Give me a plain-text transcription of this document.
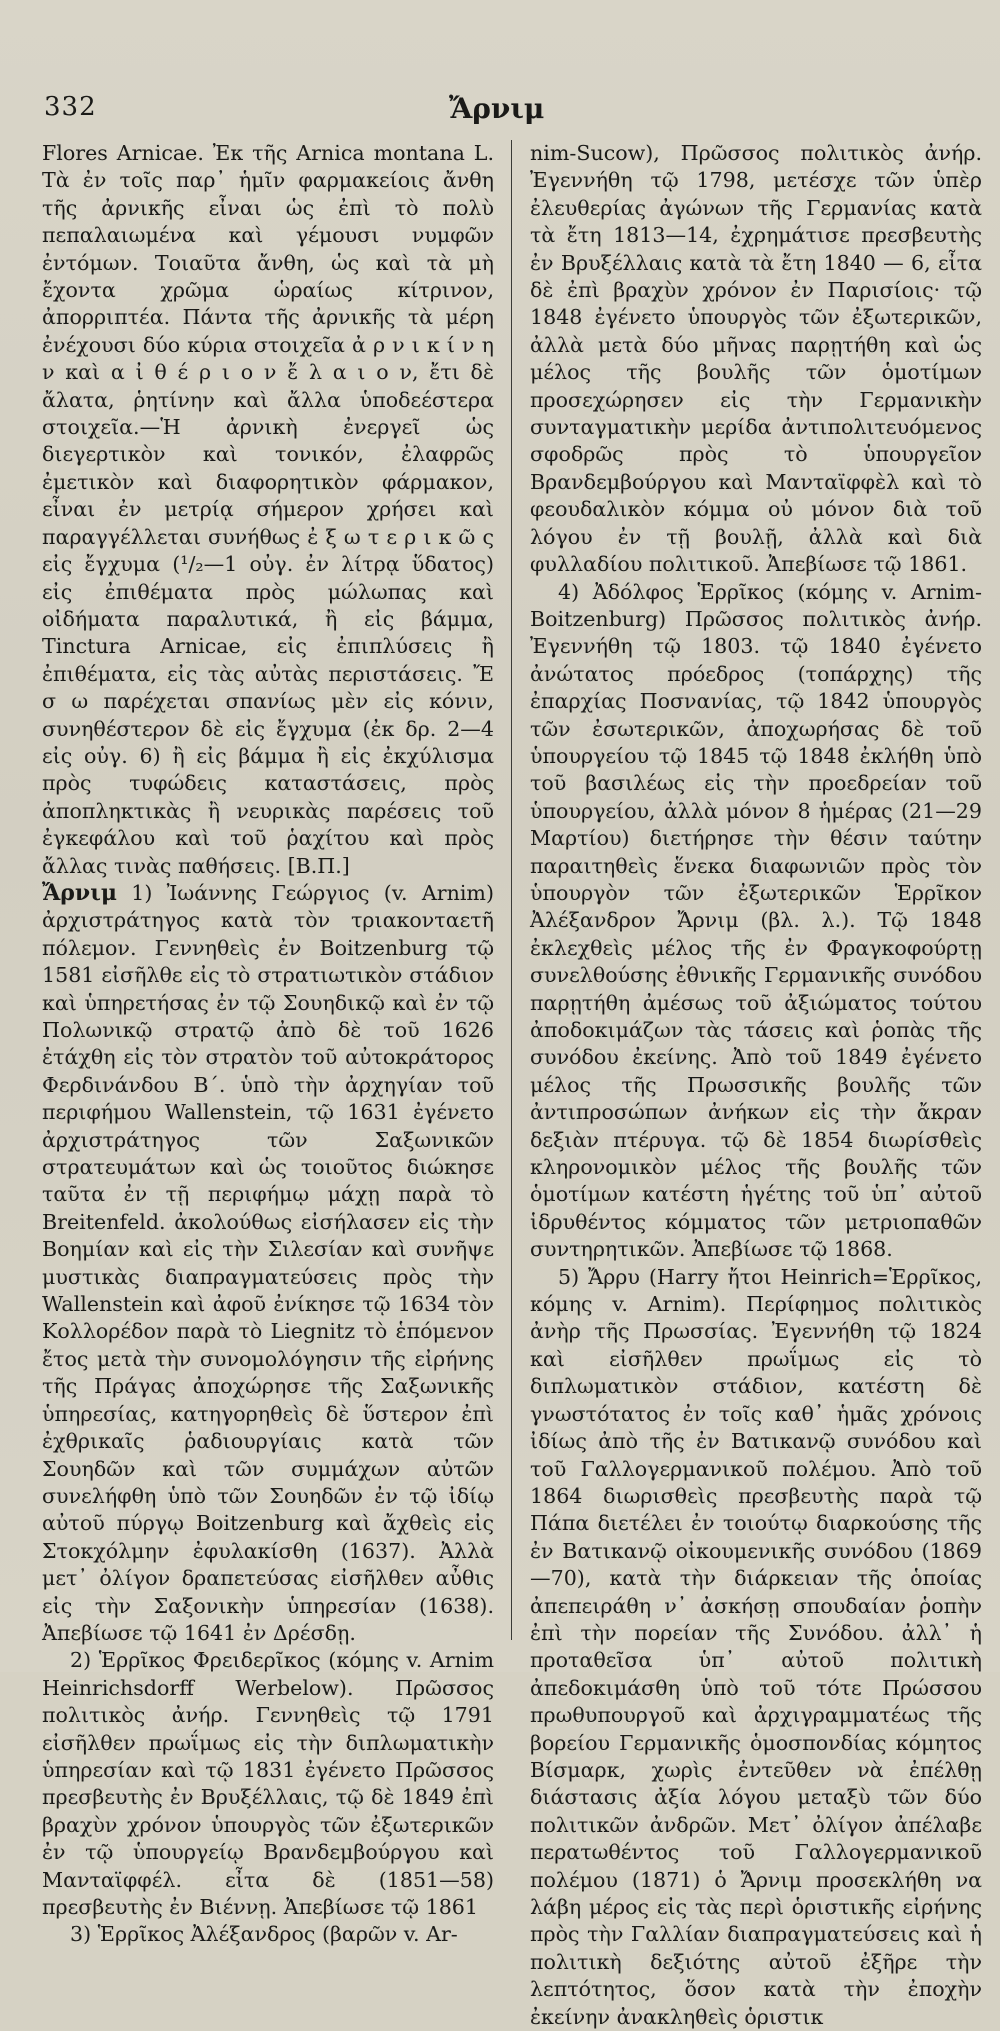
332	Ἄρνιμ

Flores Arnicae. Ἐκ τῆς Arnica montana L. Τὰ ἐν τοῖς παρ᾽ ἡμῖν φαρμακείοις ἄνθη τῆς ἀρνικῆς εἶναι ὡς ἐπὶ τὸ πολὺ πεπαλαιωμένα καὶ γέμουσι νυμφῶν ἐντόμων. Τοιαῦτα ἄνθη, ὡς καὶ τὰ μὴ ἔχοντα χρῶμα ὡραίως κίτρινον, ἀπορριπτέα. Πάντα τῆς ἀρνικῆς τὰ μέρη ἐνέχουσι δύο κύρια στοιχεῖα ἀ ρ ν ι κ ί ν η ν καὶ α ἰ θ έ ρ ι ο ν ἔ λ α ι ο ν, ἔτι δὲ ἄλατα, ῥητίνην καὶ ἄλλα ὑποδεέστερα στοιχεῖα.—Ἡ ἀρνικὴ ἐνεργεῖ ὡς διεγερτικὸν καὶ τονικόν, ἐλαφρῶς ἐμετικὸν καὶ διαφορητικὸν φάρμακον, εἶναι ἐν μετρίᾳ σήμερον χρήσει καὶ παραγγέλλεται συνήθως ἐ ξ ω τ ε ρ ι κ ῶ ς εἰς ἔγχυμα (¹/₂—1 οὐγ. ἐν λίτρᾳ ὕδατος) εἰς ἐπιθέματα πρὸς μώλωπας καὶ οἰδήματα παραλυτικά, ἢ εἰς βάμμα, Tinctura Arnicae, εἰς ἐπιπλύσεις ἢ ἐπιθέματα, εἰς τὰς αὐτὰς περιστάσεις. Ἔ σ ω παρέχεται σπανίως μὲν εἰς κόνιν, συνηθέστερον δὲ εἰς ἔγχυμα (ἐκ δρ. 2—4 εἰς οὐγ. 6) ἢ εἰς βάμμα ἢ εἰς ἐκχύλισμα πρὸς τυφώδεις καταστάσεις, πρὸς ἀποπληκτικὰς ἢ νευρικὰς παρέσεις τοῦ ἐγκεφάλου καὶ τοῦ ῥαχίτου καὶ πρὸς ἄλλας τινὰς παθήσεις. [Β.Π.]

Ἄρνιμ 1) Ἰωάννης Γεώργιος (v. Arnim) ἀρχιστράτηγος κατὰ τὸν τριακονταετῆ πόλεμον. Γεννηθεὶς ἐν Boitzenburg τῷ 1581 εἰσῆλθε εἰς τὸ στρατιωτικὸν στάδιον καὶ ὑπηρετήσας ἐν τῷ Σουηδικῷ καὶ ἐν τῷ Πολωνικῷ στρατῷ ἀπὸ δὲ τοῦ 1626 ἐτάχθη εἰς τὸν στρατὸν τοῦ αὐτοκράτορος Φερδινάνδου Β΄. ὑπὸ τὴν ἀρχηγίαν τοῦ περιφήμου Wallenstein, τῷ 1631 ἐγένετο ἀρχιστράτηγος τῶν Σαξωνικῶν στρατευμάτων καὶ ὡς τοιοῦτος διώκησε ταῦτα ἐν τῇ περιφήμῳ μάχῃ παρὰ τὸ Breitenfeld. ἀκολούθως εἰσήλασεν εἰς τὴν Βοημίαν καὶ εἰς τὴν Σιλεσίαν καὶ συνῆψε μυστικὰς διαπραγματεύσεις πρὸς τὴν Wallenstein καὶ ἀφοῦ ἐνίκησε τῷ 1634 τὸν Κολλορέδον παρὰ τὸ Liegnitz τὸ ἑπόμενον ἔτος μετὰ τὴν συνομολόγησιν τῆς εἰρήνης τῆς Πράγας ἀποχώρησε τῆς Σαξωνικῆς ὑπηρεσίας, κατηγορηθεὶς δὲ ὕστερον ἐπὶ ἐχθρικαῖς ῥαδιουργίαις κατὰ τῶν Σουηδῶν καὶ τῶν συμμάχων αὐτῶν συνελήφθη ὑπὸ τῶν Σουηδῶν ἐν τῷ ἰδίῳ αὐτοῦ πύργῳ Boitzenburg καὶ ἄχθεὶς εἰς Στοκχόλμην ἐφυλακίσθη (1637). Ἀλλὰ μετ᾽ ὀλίγον δραπετεύσας εἰσῆλθεν αὖθις εἰς τὴν Σαξονικὴν ὑπηρεσίαν (1638). Ἀπεβίωσε τῷ 1641 ἐν Δρέσδῃ.

2) Ἑρρῖκος Φρειδερῖκος (κόμης v. Arnim Heinrichsdorff Werbelow). Πρῶσσος πολιτικὸς ἀνήρ. Γεννηθεὶς τῷ 1791 εἰσῆλθεν πρωΐμως εἰς τὴν διπλωματικὴν ὑπηρεσίαν καὶ τῷ 1831 ἐγένετο Πρῶσσος πρεσβευτὴς ἐν Βρυξέλλαις, τῷ δὲ 1849 ἐπὶ βραχὺν χρόνον ὑπουργὸς τῶν ἐξωτερικῶν ἐν τῷ ὑπουργείῳ Βρανδεμβούργου καὶ Μανταϊφφέλ. εἶτα δὲ (1851—58) πρεσβευτὴς ἐν Βιέννῃ. Ἀπεβίωσε τῷ 1861

3) Ἑρρῖκος Ἀλέξανδρος (βαρῶν v. Ar-

nim-Sucow), Πρῶσσος πολιτικὸς ἀνήρ. Ἐγεννήθη τῷ 1798, μετέσχε τῶν ὑπὲρ ἐλευθερίας ἀγώνων τῆς Γερμανίας κατὰ τὰ ἔτη 1813—14, ἐχρημάτισε πρεσβευτὴς ἐν Βρυξέλλαις κατὰ τὰ ἔτη 1840 — 6, εἶτα δὲ ἐπὶ βραχὺν χρόνον ἐν Παρισίοις· τῷ 1848 ἐγένετο ὑπουργὸς τῶν ἐξωτερικῶν, ἀλλὰ μετὰ δύο μῆνας παρῃτήθη καὶ ὡς μέλος τῆς βουλῆς τῶν ὁμοτίμων προσεχώρησεν εἰς τὴν Γερμανικὴν συνταγματικὴν μερίδα ἀντιπολιτευόμενος σφοδρῶς πρὸς τὸ ὑπουργεῖον Βρανδεμβούργου καὶ Μανταϊφφὲλ καὶ τὸ φεουδαλικὸν κόμμα οὐ μόνον διὰ τοῦ λόγου ἐν τῇ βουλῇ, ἀλλὰ καὶ διὰ φυλλαδίου πολιτικοῦ. Ἀπεβίωσε τῷ 1861.

4) Ἀδόλφος Ἑρρῖκος (κόμης v. Arnim-Boitzenburg) Πρῶσσος πολιτικὸς ἀνήρ. Ἐγεννήθη τῷ 1803. τῷ 1840 ἐγένετο ἀνώτατος πρόεδρος (τοπάρχης) τῆς ἐπαρχίας Ποσνανίας, τῷ 1842 ὑπουργὸς τῶν ἐσωτερικῶν, ἀποχωρήσας δὲ τοῦ ὑπουργείου τῷ 1845 τῷ 1848 ἐκλήθη ὑπὸ τοῦ βασιλέως εἰς τὴν προεδρείαν τοῦ ὑπουργείου, ἀλλὰ μόνον 8 ἡμέρας (21—29 Μαρτίου) διετήρησε τὴν θέσιν ταύτην παραιτηθεὶς ἕνεκα διαφωνιῶν πρὸς τὸν ὑπουργὸν τῶν ἐξωτερικῶν Ἑρρῖκον Ἀλέξανδρον Ἄρνιμ (βλ. λ.). Τῷ 1848 ἐκλεχθεὶς μέλος τῆς ἐν Φραγκοφούρτῃ συνελθούσης ἐθνικῆς Γερμανικῆς συνόδου παρῃτήθη ἀμέσως τοῦ ἀξιώματος τούτου ἀποδοκιμάζων τὰς τάσεις καὶ ῥοπὰς τῆς συνόδου ἐκείνης. Ἀπὸ τοῦ 1849 ἐγένετο μέλος τῆς Πρωσσικῆς βουλῆς τῶν ἀντιπροσώπων ἀνήκων εἰς τὴν ἄκραν δεξιὰν πτέρυγα. τῷ δὲ 1854 διωρίσθεὶς κληρονομικὸν μέλος τῆς βουλῆς τῶν ὁμοτίμων κατέστη ἡγέτης τοῦ ὑπ᾽ αὐτοῦ ἱδρυθέντος κόμματος τῶν μετριοπαθῶν συντηρητικῶν. Ἀπεβίωσε τῷ 1868.

5) Ἄρρυ (Harry ἤτοι Heinrich=Ἑρρῖκος, κόμης v. Arnim). Περίφημος πολιτικὸς ἀνὴρ τῆς Πρωσσίας. Ἐγεννήθη τῷ 1824 καὶ εἰσῆλθεν πρωΐμως εἰς τὸ διπλωματικὸν στάδιον, κατέστη δὲ γνωστότατος ἐν τοῖς καθ᾽ ἡμᾶς χρόνοις ἰδίως ἀπὸ τῆς ἐν Βατικανῷ συνόδου καὶ τοῦ Γαλλογερμανικοῦ πολέμου. Ἀπὸ τοῦ 1864 διωρισθεὶς πρεσβευτὴς παρὰ τῷ Πάπα διετέλει ἐν τοιούτῳ διαρκούσης τῆς ἐν Βατικανῷ οἰκουμενικῆς συνόδου (1869—70), κατὰ τὴν διάρκειαν τῆς ὁποίας ἀπεπειράθη ν᾽ ἀσκήσῃ σπουδαίαν ῥοπὴν ἐπὶ τὴν πορείαν τῆς Συνόδου. ἀλλ᾽ ἡ προταθεῖσα ὑπ᾽ αὐτοῦ πολιτικὴ ἀπεδοκιμάσθη ὑπὸ τοῦ τότε Πρώσσου πρωθυπουργοῦ καὶ ἀρχιγραμματέως τῆς βορείου Γερμανικῆς ὁμοσπονδίας κόμητος Βίσμαρκ, χωρὶς ἐντεῦθεν νὰ ἐπέλθῃ διάστασις ἀξία λόγου μεταξὺ τῶν δύο πολιτικῶν ἀνδρῶν. Μετ᾽ ὀλίγον ἀπέλαβε περατωθέντος τοῦ Γαλλογερμανικοῦ πολέμου (1871) ὁ Ἄρνιμ προσεκλήθη να λάβη μέρος εἰς τὰς περὶ ὁριστικῆς εἰρήνης πρὸς τὴν Γαλλίαν διαπραγματεύσεις καὶ ἡ πολιτικὴ δεξιότης αὐτοῦ ἐξῆρε τὴν λεπτότητος, ὅσον κατὰ τὴν ἐποχὴν ἐκείνην ἀνακληθεὶς ὁριστικ
